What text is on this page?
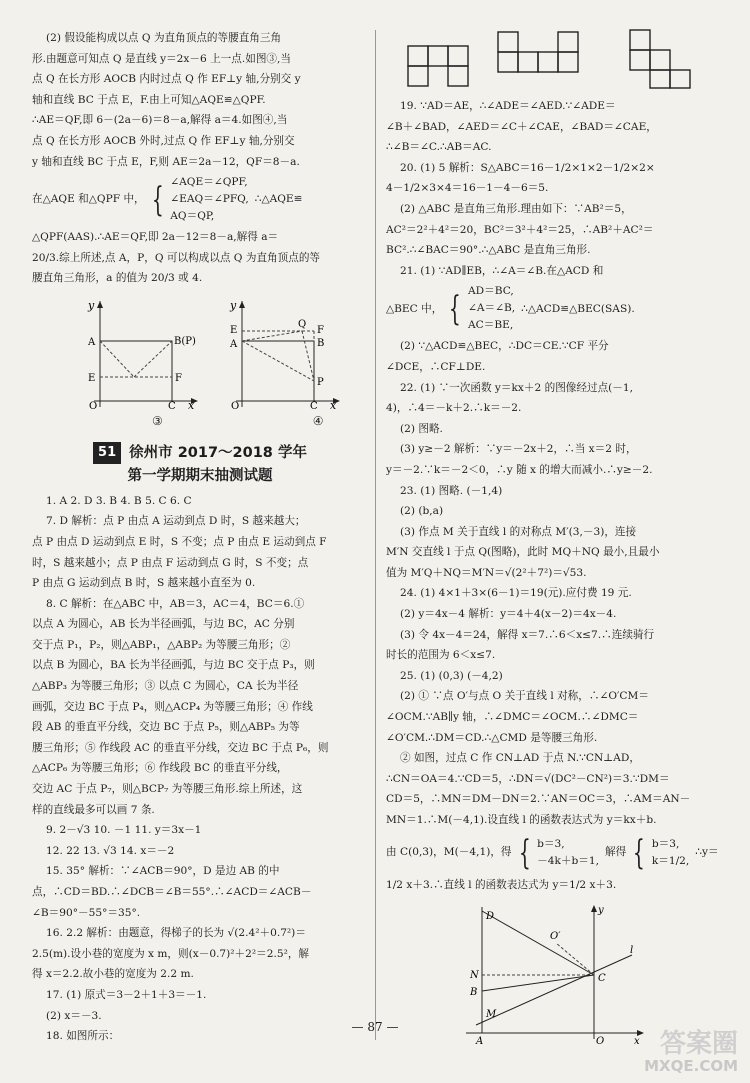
(2) 假设能构成以点 Q 为直角顶点的等腰直角三角

形.由题意可知点 Q 是直线 y＝2x－6 上一点.如图③,当

点 Q 在长方形 AOCB 内时过点 Q 作 EF⊥y 轴,分别交 y

轴和直线 BC 于点 E，F.由上可知△AQE≌△QPF.

∴AE＝QF,即 6－(2a－6)＝8－a,解得 a＝4.如图④,当

点 Q 在长方形 AOCB 外时,过点 Q 作 EF⊥y 轴,分别交

y 轴和直线 BC 于点 E，F,则 AE＝2a－12，QF＝8－a.

在△AQE 和△QPF 中， { ∠AQE＝∠QPF,
∠EAQ＝∠PFQ,
AQ＝QP,
∴△AQE≌

△QPF(AAS).∴AE＝QF,即 2a－12＝8－a,解得 a＝

20/3.综上所述,点 A，P，Q 可以构成以点 Q 为直角顶点的等

腰直角三角形，a 的值为 20/3 或 4.

y
A	B(P)
E	F
O	C x
y
A
E
Q
F
B
P
O	C x
③	④
51 徐州市 2017～2018 学年
第一学期期末抽测试题

1. A 2. D 3. B 4. B 5. C 6. C

7. D 解析：点 P 由点 A 运动到点 D 时，S 越来越大；

点 P 由点 D 运动到点 E 时，S 不变；点 P 由点 E 运动到点 F

时，S 越来越小；点 P 由点 F 运动到点 G 时，S 不变；点

P 由点 G 运动到点 B 时，S 越来越小直至为 0.

8. C 解析：在△ABC 中，AB＝3，AC＝4，BC＝6.①

以点 A 为圆心，AB 长为半径画弧，与边 BC，AC 分别

交于点 P₁，P₂，则△ABP₁，△ABP₂ 为等腰三角形；②

以点 B 为圆心，BA 长为半径画弧，与边 BC 交于点 P₃，则

△ABP₃ 为等腰三角形；③ 以点 C 为圆心，CA 长为半径

画弧，交边 BC 于点 P₄，则△ACP₄ 为等腰三角形；④ 作线

段 AB 的垂直平分线，交边 BC 于点 P₅，则△ABP₅ 为等

腰三角形；⑤ 作线段 AC 的垂直平分线，交边 BC 于点 P₆，则

△ACP₆ 为等腰三角形；⑥ 作线段 BC 的垂直平分线，

交边 AC 于点 P₇，则△BCP₇ 为等腰三角形.综上所述，这

样的直线最多可以画 7 条.

9. 2－√3 10. －1 11. y＝3x－1

12. 22 13. √3 14. x＝－2

15. 35° 解析：∵∠ACB＝90°，D 是边 AB 的中

点，∴CD＝BD.∴∠DCB＝∠B＝55°.∴∠ACD＝∠ACB－

∠B＝90°－55°＝35°.

16. 2.2 解析：由题意，得梯子的长为 √(2.4²＋0.7²)＝

2.5(m).设小巷的宽度为 x m，则(x－0.7)²＋2²＝2.5²，解

得 x＝2.2.故小巷的宽度为 2.2 m.

17. (1) 原式＝3－2＋1＋3＝－1.

(2) x＝－3.

18. 如图所示：

19. ∵AD＝AE，∴∠ADE＝∠AED.∵∠ADE＝

∠B＋∠BAD，∠AED＝∠C＋∠CAE，∠BAD＝∠CAE，

∴∠B＝∠C.∴AB＝AC.

20. (1) 5 解析：S△ABC＝16－1/2×1×2－1/2×2×

4－1/2×3×4＝16－1－4－6＝5.

(2) △ABC 是直角三角形.理由如下：∵AB²＝5，

AC²＝2²＋4²＝20，BC²＝3²＋4²＝25，∴AB²＋AC²＝

BC².∴∠BAC＝90°.∴△ABC 是直角三角形.

21. (1) ∵AD∥EB，∴∠A＝∠B.在△ACD 和

△BEC 中， { AD＝BC,
∠A＝∠B,
AC＝BE,
∴△ACD≌△BEC(SAS).

(2) ∵△ACD≌△BEC，∴DC＝CE.∵CF 平分

∠DCE，∴CF⊥DE.

22. (1) ∵一次函数 y＝kx＋2 的图像经过点(－1,

4)，∴4＝－k＋2.∴k＝－2.

(2) 图略.

(3) y≥－2 解析：∵y＝－2x＋2，∴当 x＝2 时，

y＝－2.∵k＝－2＜0，∴y 随 x 的增大而减小.∴y≥－2.

23. (1) 图略. (－1,4)

(2) (b,a)

(3) 作点 M 关于直线 l 的对称点 M′(3,－3)，连接

M′N 交直线 l 于点 Q(图略)，此时 MQ＋NQ 最小,且最小

值为 M′Q＋NQ＝M′N＝√(2²＋7²)＝√53.

24. (1) 4×1＋3×(6－1)＝19(元).应付费 19 元.

(2) y＝4x－4 解析：y＝4＋4(x－2)＝4x－4.

(3) 令 4x－4＝24，解得 x＝7.∴6＜x≤7.∴连续骑行

时长的范围为 6＜x≤7.

25. (1) (0,3) (－4,2)

(2) ① ∵点 O′与点 O 关于直线 l 对称，∴∠O′CM＝

∠OCM.∵AB∥y 轴，∴∠DMC＝∠OCM.∴∠DMC＝

∠O′CM.∴DM＝CD.∴△CMD 是等腰三角形.

② 如图，过点 C 作 CN⊥AD 于点 N.∵CN⊥AD，

∴CN＝OA＝4.∵CD＝5，∴DN＝√(DC²－CN²)＝3.∵DM＝

CD＝5，∴MN＝DM－DN＝2.∵AN＝OC＝3，∴AM＝AN－

MN＝1.∴M(－4,1).设直线 l 的函数表达式为 y＝kx＋b.

由 C(0,3)，M(－4,1)，得 { b＝3,
－4k＋b＝1,
解得 { b＝3,
k＝1/2,
∴y＝

1/2 x＋3.∴直线 l 的函数表达式为 y＝1/2 x＋3.

D
O′
C
N
B
M
A	O
l
x
y
— 87 —
答案圈
MXQE.COM
